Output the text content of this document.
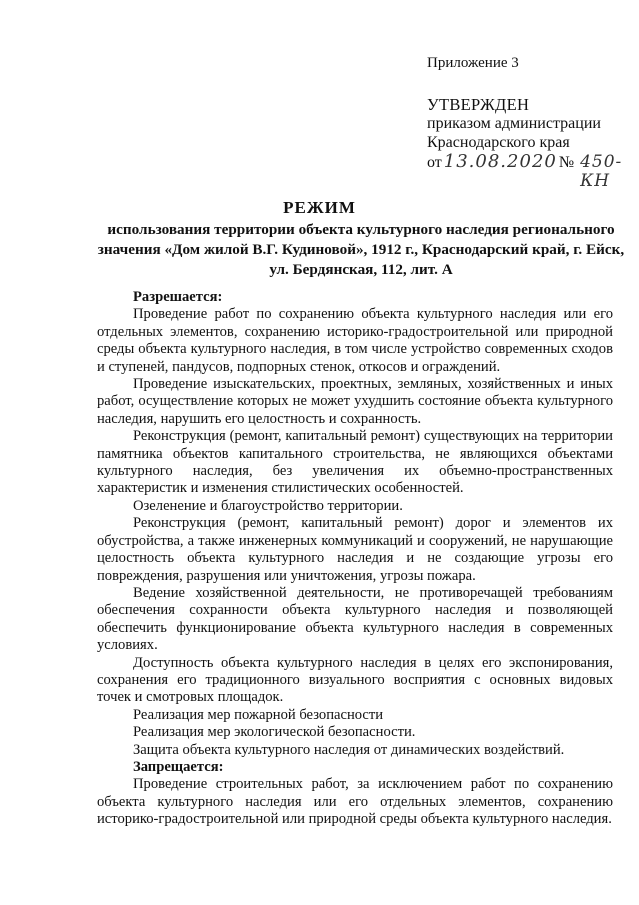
Приложение 3
УТВЕРЖДЕН
приказом администрации
Краснодарского края
от 13.08.2020 № 450-КН
РЕЖИМ
использования территории объекта культурного наследия регионального значения «Дом жилой В.Г. Кудиновой», 1912 г., Краснодарский край, г. Ейск, ул. Бердянская, 112, лит. А

Разрешается:

Проведение работ по сохранению объекта культурного наследия или его отдельных элементов, сохранению историко-градостроительной или природной среды объекта культурного наследия, в том числе устройство современных сходов и ступеней, пандусов, подпорных стенок, откосов и ограждений.

Проведение изыскательских, проектных, земляных, хозяйственных и иных работ, осуществление которых не может ухудшить состояние объекта культурного наследия, нарушить его целостность и сохранность.

Реконструкция (ремонт, капитальный ремонт) существующих на территории памятника объектов капитального строительства, не являющихся объектами культурного наследия, без увеличения их объемно-пространственных характеристик и изменения стилистических особенностей.

Озеленение и благоустройство территории.

Реконструкция (ремонт, капитальный ремонт) дорог и элементов их обустройства, а также инженерных коммуникаций и сооружений, не нарушающие целостность объекта культурного наследия и не создающие угрозы его повреждения, разрушения или уничтожения, угрозы пожара.

Ведение хозяйственной деятельности, не противоречащей требованиям обеспечения сохранности объекта культурного наследия и позволяющей обеспечить функционирование объекта культурного наследия в современных условиях.

Доступность объекта культурного наследия в целях его экспонирования, сохранения его традиционного визуального восприятия с основных видовых точек и смотровых площадок.

Реализация мер пожарной безопасности

Реализация мер экологической безопасности.

Защита объекта культурного наследия от динамических воздействий.

Запрещается:

Проведение строительных работ, за исключением работ по сохранению объекта культурного наследия или его отдельных элементов, сохранению историко-градостроительной или природной среды объекта культурного наследия.
